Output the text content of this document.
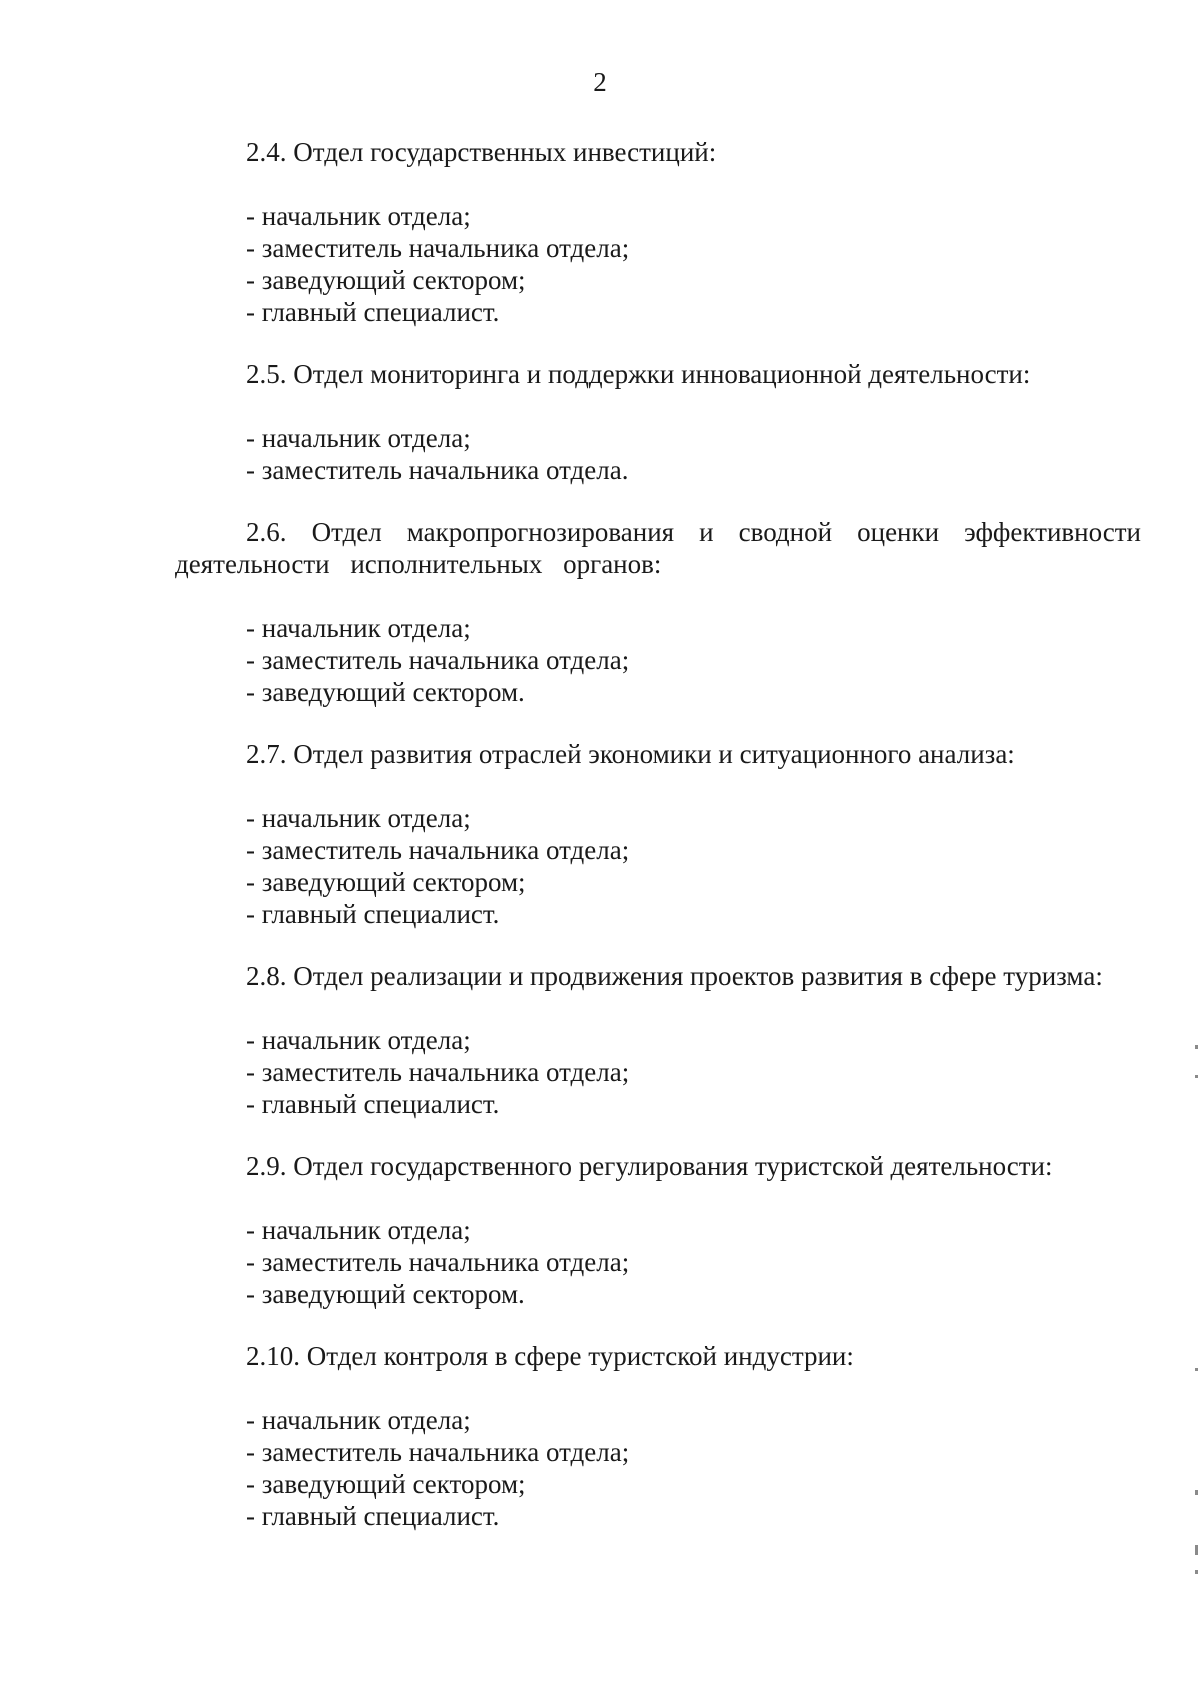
2

2.4. Отдел государственных инвестиций:

- начальник отдела;
- заместитель начальника отдела;
- заведующий сектором;
- главный специалист.

2.5. Отдел мониторинга и поддержки инновационной деятельности:

- начальник отдела;
- заместитель начальника отдела.

2.6. Отдел макропрогнозирования и сводной оценки эффективности деятельности исполнительных органов:

- начальник отдела;
- заместитель начальника отдела;
- заведующий сектором.

2.7. Отдел развития отраслей экономики и ситуационного анализа:

- начальник отдела;
- заместитель начальника отдела;
- заведующий сектором;
- главный специалист.

2.8. Отдел реализации и продвижения проектов развития в сфере туризма:

- начальник отдела;
- заместитель начальника отдела;
- главный специалист.

2.9. Отдел государственного регулирования туристской деятельности:

- начальник отдела;
- заместитель начальника отдела;
- заведующий сектором.

2.10. Отдел контроля в сфере туристской индустрии:

- начальник отдела;
- заместитель начальника отдела;
- заведующий сектором;
- главный специалист.
